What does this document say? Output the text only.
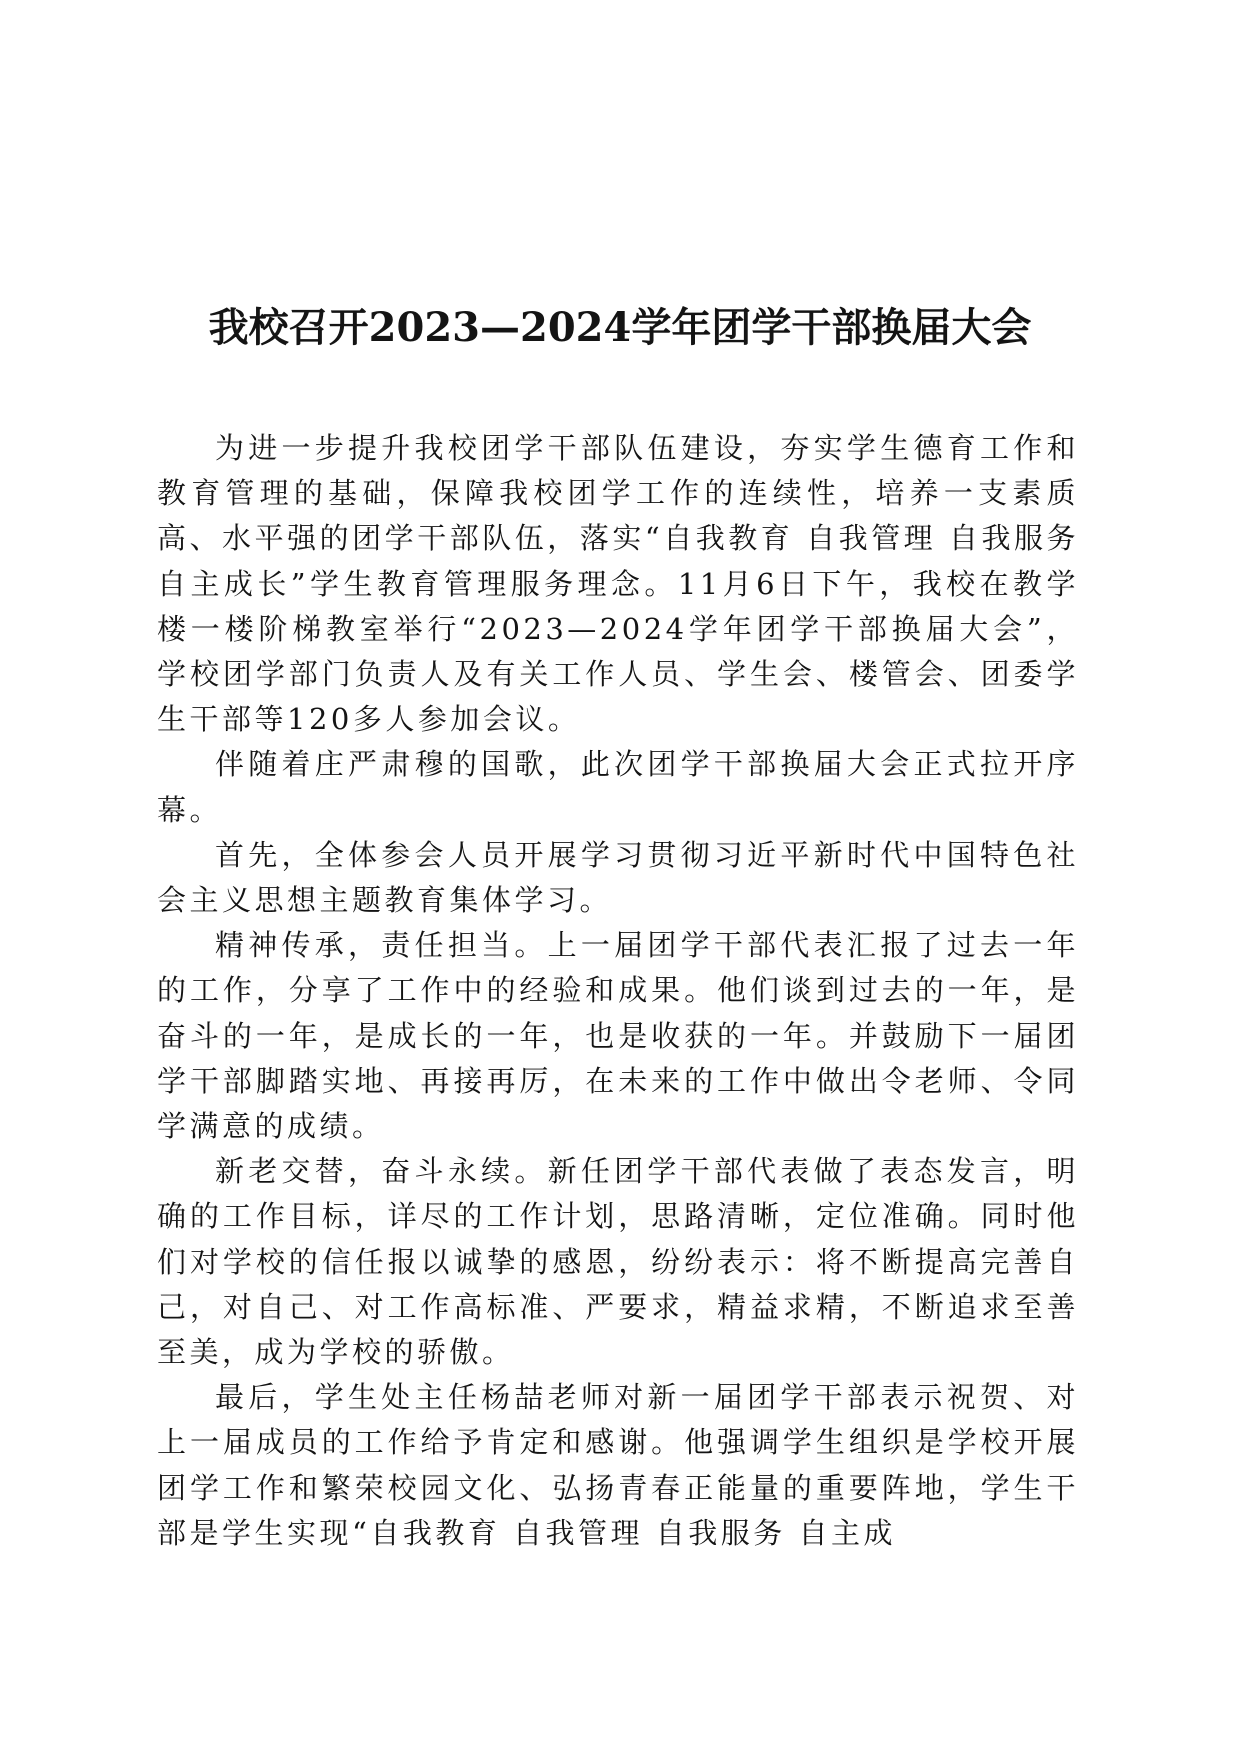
我校召开2023—2024学年团学干部换届大会

为进一步提升我校团学干部队伍建设，夯实学生德育工作和教育管理的基础，保障我校团学工作的连续性，培养一支素质高、水平强的团学干部队伍，落实“自我教育 自我管理 自我服务 自主成长”学生教育管理服务理念。11月6日下午，我校在教学楼一楼阶梯教室举行“2023—2024学年团学干部换届大会”，学校团学部门负责人及有关工作人员、学生会、楼管会、团委学生干部等120多人参加会议。

伴随着庄严肃穆的国歌，此次团学干部换届大会正式拉开序幕。

首先，全体参会人员开展学习贯彻习近平新时代中国特色社会主义思想主题教育集体学习。

精神传承，责任担当。上一届团学干部代表汇报了过去一年的工作，分享了工作中的经验和成果。他们谈到过去的一年，是奋斗的一年，是成长的一年，也是收获的一年。并鼓励下一届团学干部脚踏实地、再接再厉，在未来的工作中做出令老师、令同学满意的成绩。

新老交替，奋斗永续。新任团学干部代表做了表态发言，明确的工作目标，详尽的工作计划，思路清晰，定位准确。同时他们对学校的信任报以诚挚的感恩，纷纷表示：将不断提高完善自己，对自己、对工作高标准、严要求，精益求精，不断追求至善至美，成为学校的骄傲。

最后，学生处主任杨喆老师对新一届团学干部表示祝贺、对上一届成员的工作给予肯定和感谢。他强调学生组织是学校开展团学工作和繁荣校园文化、弘扬青春正能量的重要阵地，学生干部是学生实现“自我教育 自我管理 自我服务 自主成
